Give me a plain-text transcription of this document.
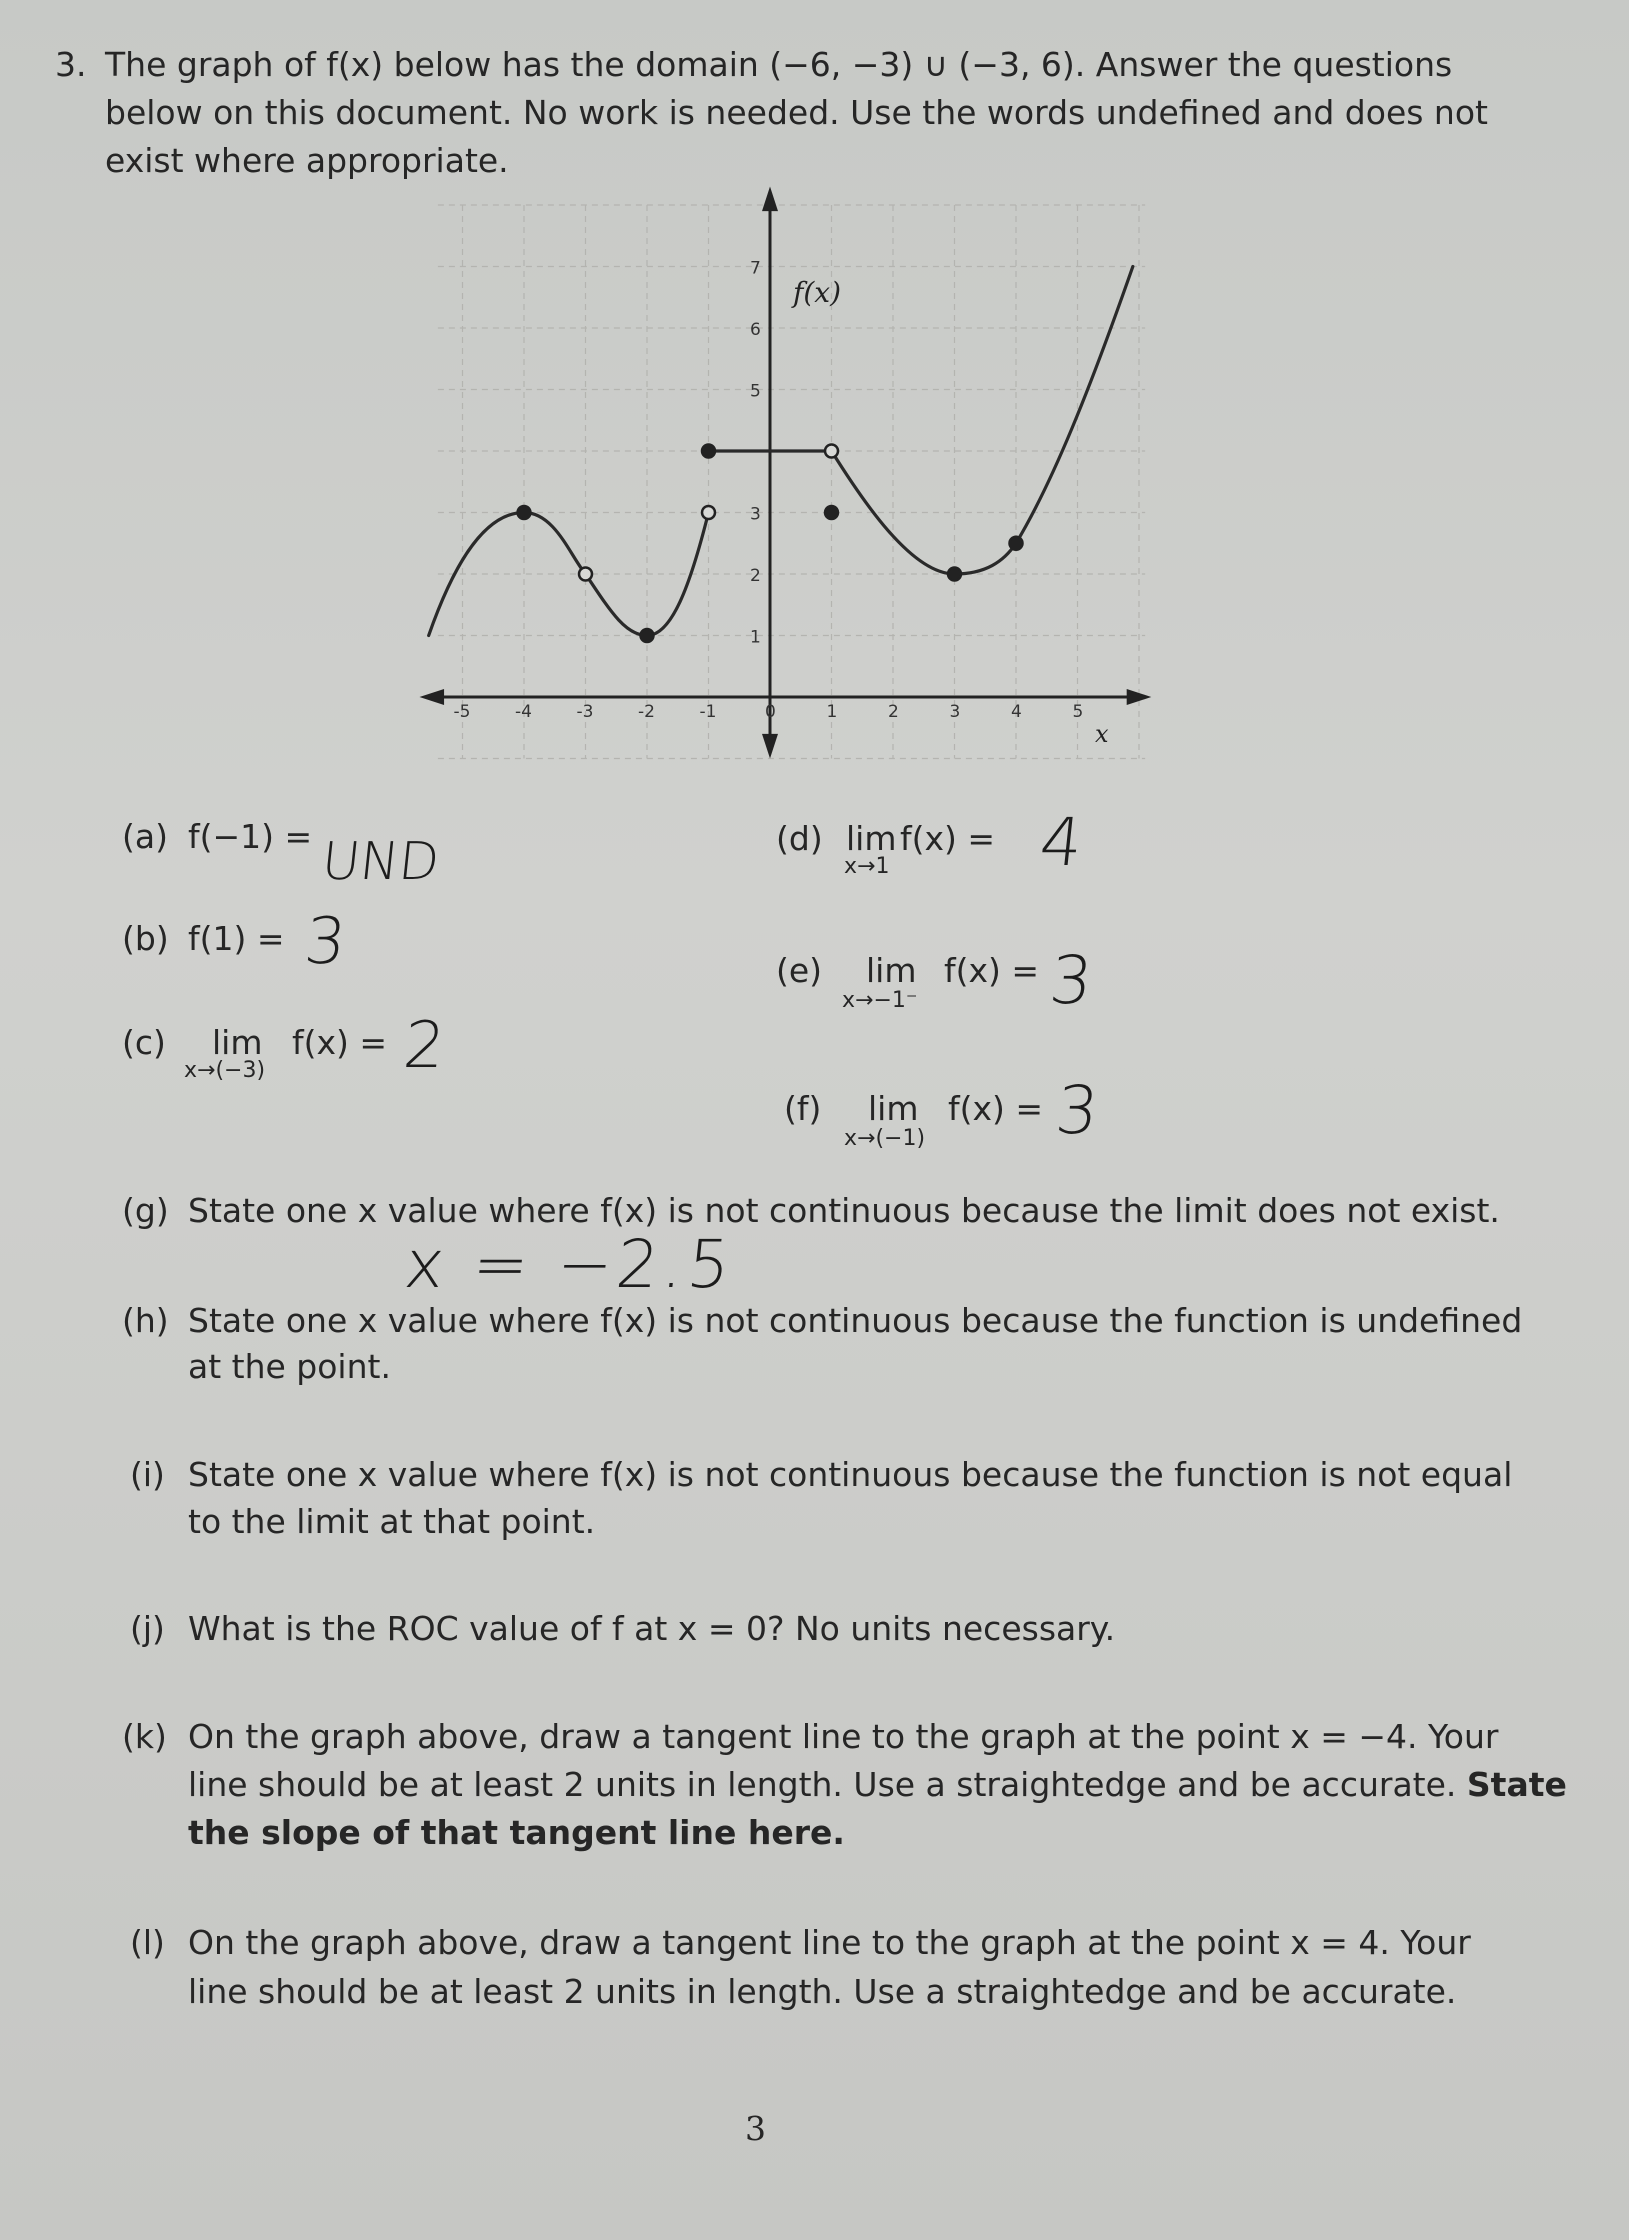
3. The graph of f(x) below has the domain (−6, −3) ∪ (−3, 6). Answer the questions
below on this document. No work is needed. Use the words undefined and does not
exist where appropriate.
-5	-4	-3	-2	-1	0	1	2	3	4	5
1
2
3
5
6
7
f(x)
x
(a) f(−1) = UND
(b) f(1) = 3
(c) lim
x→(−3)
f(x) = 2
(d) lim
x→1
f(x) = 4
(e) lim
x→−1⁻
f(x) = 3
(f) lim
x→(−1)
f(x) = 3
(g) State one x value where f(x) is not continuous because the limit does not exist.
x = −2.5
(h) State one x value where f(x) is not continuous because the function is undefined
at the point.
(i) State one x value where f(x) is not continuous because the function is not equal
to the limit at that point.
(j) What is the ROC value of f at x = 0? No units necessary.
(k) On the graph above, draw a tangent line to the graph at the point x = −4. Your
line should be at least 2 units in length. Use a straightedge and be accurate. State
the slope of that tangent line here.
(l) On the graph above, draw a tangent line to the graph at the point x = 4. Your
line should be at least 2 units in length. Use a straightedge and be accurate.
3
